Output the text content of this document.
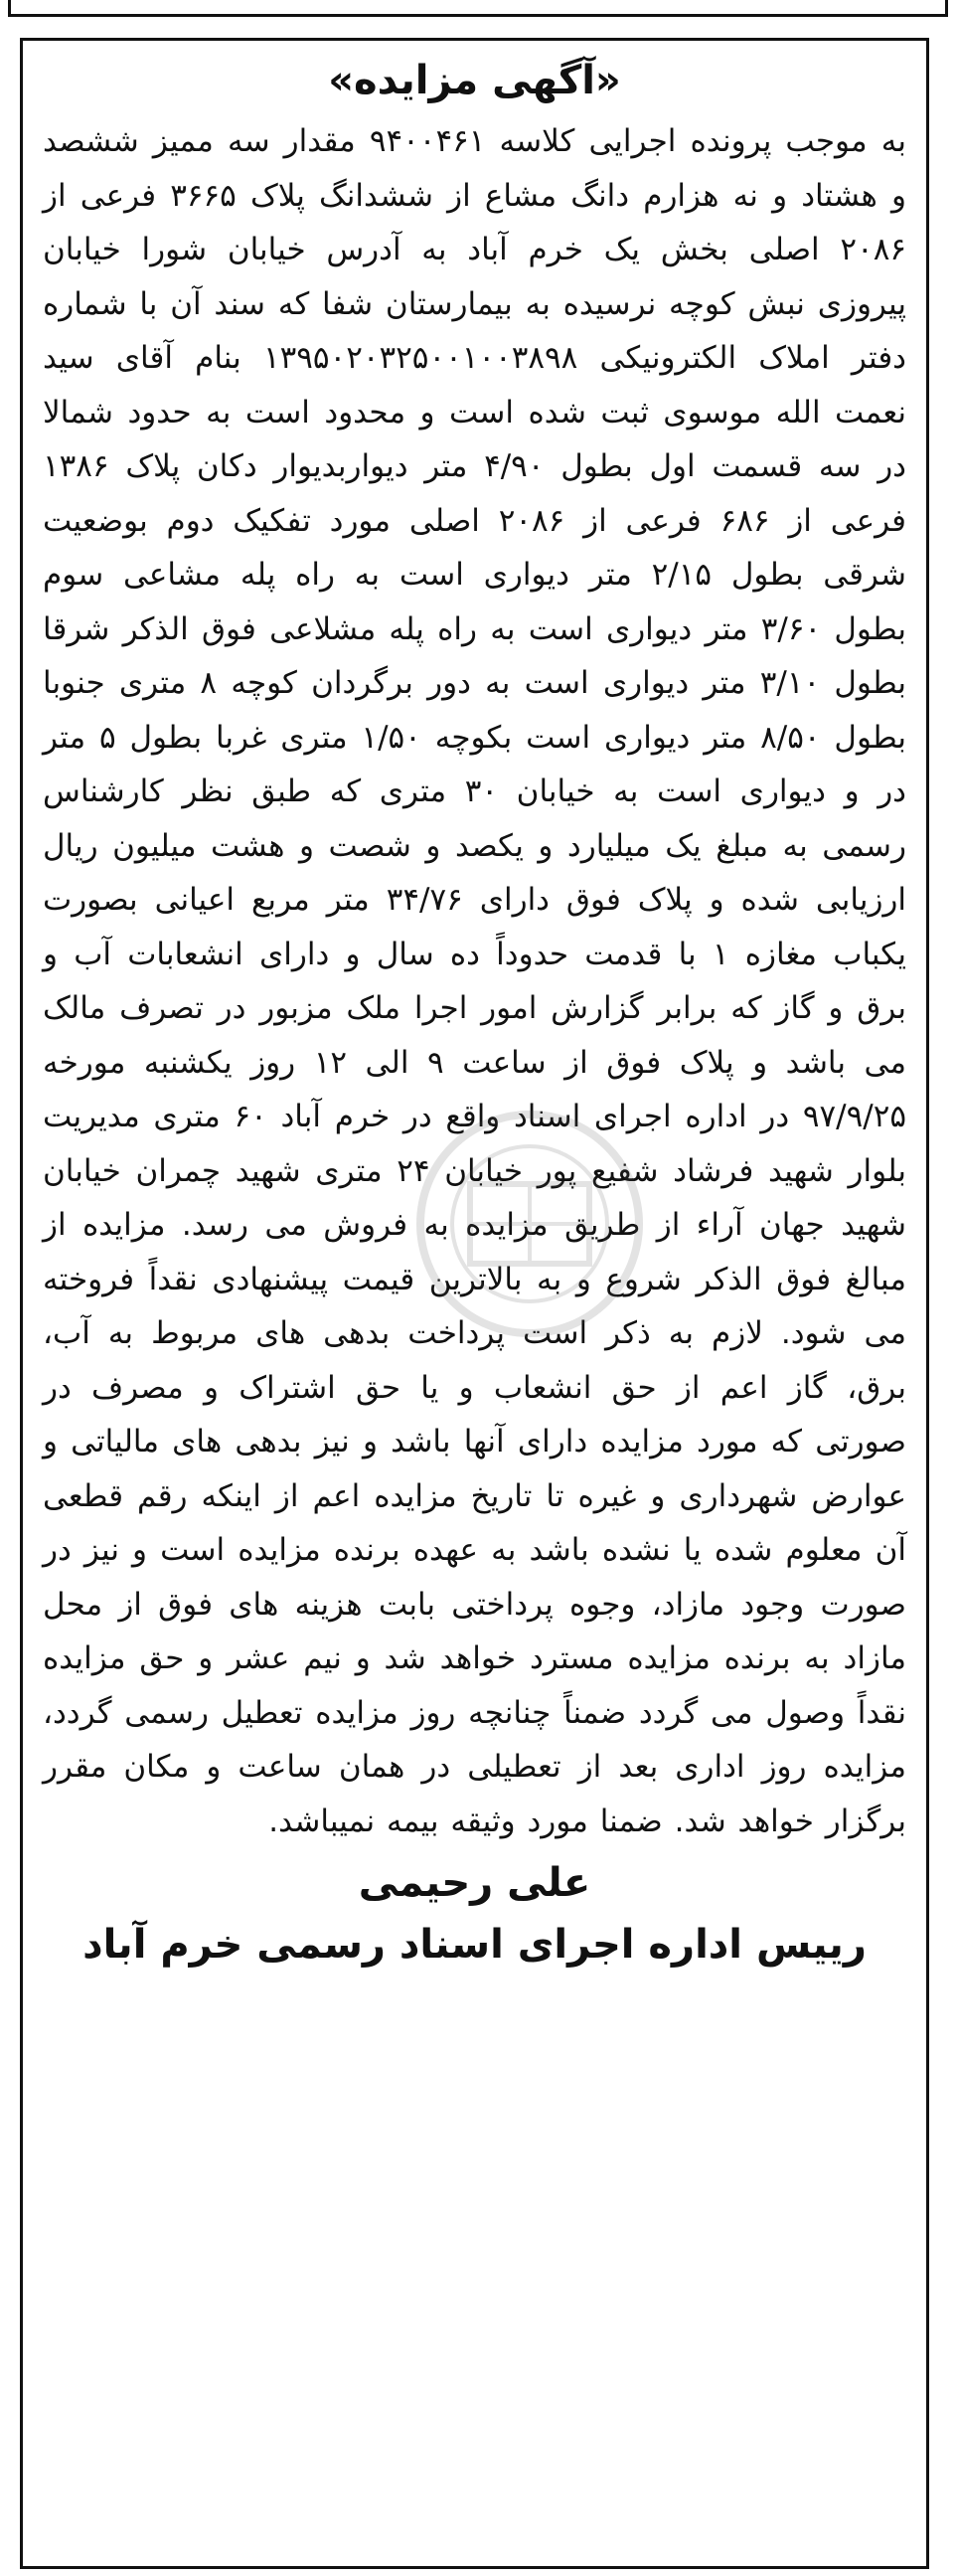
«آگهی مزایده»

به موجب پرونده اجرایی کلاسه ۹۴۰۰۴۶۱ مقدار سه ممیز ششصد و هشتاد و نه هزارم دانگ مشاع از ششدانگ پلاک ۳۶۶۵ فرعی از ۲۰۸۶ اصلی بخش یک خرم آباد به آدرس خیابان شورا خیابان پیروزی نبش کوچه نرسیده به بیمارستان شفا که سند آن با شماره دفتر املاک الکترونیکی ۱۳۹۵۰۲۰۳۲۵۰۰۱۰۰۳۸۹۸ بنام آقای سید نعمت الله موسوی ثبت شده است و محدود است به حدود شمالا در سه قسمت اول بطول ۴/۹۰ متر دیواربدیوار دکان پلاک ۱۳۸۶ فرعی از ۶۸۶ فرعی از ۲۰۸۶ اصلی مورد تفکیک دوم بوضعیت شرقی بطول ۲/۱۵ متر دیواری است به راه پله مشاعی سوم بطول ۳/۶۰ متر دیواری است به راه پله مشلاعی فوق الذکر شرقا بطول ۳/۱۰ متر دیواری است به دور برگردان کوچه ۸ متری جنوبا بطول ۸/۵۰ متر دیواری است بکوچه ۱/۵۰ متری غربا بطول ۵ متر در و دیواری است به خیابان ۳۰ متری که طبق نظر کارشناس رسمی به مبلغ یک میلیارد و یکصد و شصت و هشت میلیون ریال ارزیابی شده و پلاک فوق دارای ۳۴/۷۶ متر مربع اعیانی بصورت یکباب مغازه ۱ با قدمت حدوداً ده سال و دارای انشعابات آب و برق و گاز که برابر گزارش امور اجرا ملک مزبور در تصرف مالک می باشد و پلاک فوق از ساعت ۹ الی ۱۲ روز یکشنبه مورخه ۹۷/۹/۲۵ در اداره اجرای اسناد واقع در خرم آباد ۶۰ متری مدیریت بلوار شهید فرشاد شفیع پور خیابان ۲۴ متری شهید چمران خیابان شهید جهان آراء از طریق مزایده به فروش می رسد. مزایده از مبالغ فوق الذکر شروع و به بالاترین قیمت پیشنهادی نقداً فروخته می شود. لازم به ذکر است پرداخت بدهی های مربوط به آب، برق، گاز اعم از حق انشعاب و یا حق اشتراک و مصرف در صورتی که مورد مزایده دارای آنها باشد و نیز بدهی های مالیاتی و عوارض شهرداری و غیره تا تاریخ مزایده اعم از اینکه رقم قطعی آن معلوم شده یا نشده باشد به عهده برنده مزایده است و نیز در صورت وجود مازاد، وجوه پرداختی بابت هزینه های فوق از محل مازاد به برنده مزایده مسترد خواهد شد و نیم عشر و حق مزایده نقداً وصول می گردد ضمناً چنانچه روز مزایده تعطیل رسمی گردد، مزایده روز اداری بعد از تعطیلی در همان ساعت و مکان مقرر برگزار خواهد شد. ضمنا مورد وثیقه بیمه نمیباشد.

علی رحیمی
رییس اداره اجرای اسناد رسمی خرم آباد
